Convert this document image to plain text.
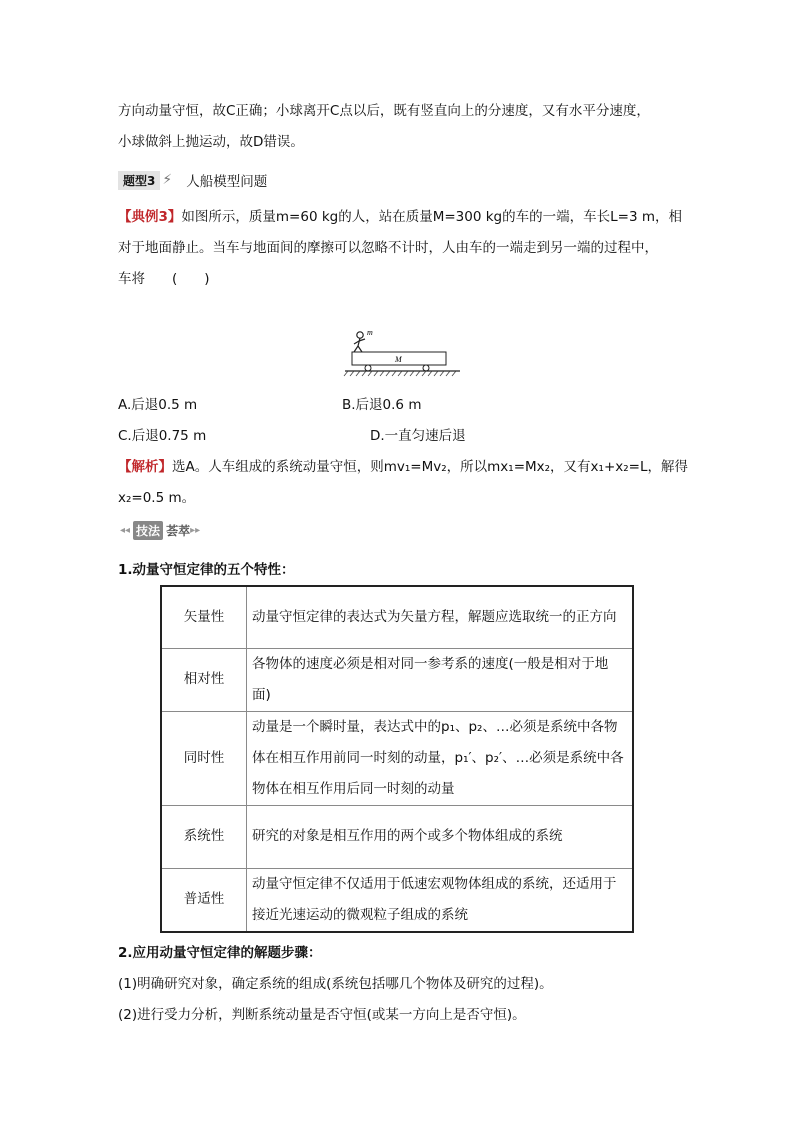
方向动量守恒，故C正确；小球离开C点以后，既有竖直向上的分速度，又有水平分速度，
小球做斜上抛运动，故D错误。
题型3 ⚡ 人船模型问题
【典例3】如图所示，质量m=60 kg的人，站在质量M=300 kg的车的一端，车长L=3 m，相
对于地面静止。当车与地面间的摩擦可以忽略不计时，人由车的一端走到另一端的过程中，
车将　　(　　)
m
M
A.后退0.5 m	B.后退0.6 m
C.后退0.75 m	D.一直匀速后退
【解析】选A。人车组成的系统动量守恒，则mv₁=Mv₂，所以mx₁=Mx₂，又有x₁+x₂=L，解得
x₂=0.5 m。
◂◂ 技法 荟萃 ▸▸
1.动量守恒定律的五个特性：
矢量性	动量守恒定律的表达式为矢量方程，解题应选取统一的正方向
相对性	各物体的速度必须是相对同一参考系的速度(一般是相对于地面)
同时性	动量是一个瞬时量，表达式中的p₁、p₂、…必须是系统中各物体在相互作用前同一时刻的动量，p₁′、p₂′、…必须是系统中各物体在相互作用后同一时刻的动量
系统性	研究的对象是相互作用的两个或多个物体组成的系统
普适性	动量守恒定律不仅适用于低速宏观物体组成的系统，还适用于接近光速运动的微观粒子组成的系统
2.应用动量守恒定律的解题步骤：
(1)明确研究对象，确定系统的组成(系统包括哪几个物体及研究的过程)。
(2)进行受力分析，判断系统动量是否守恒(或某一方向上是否守恒)。
